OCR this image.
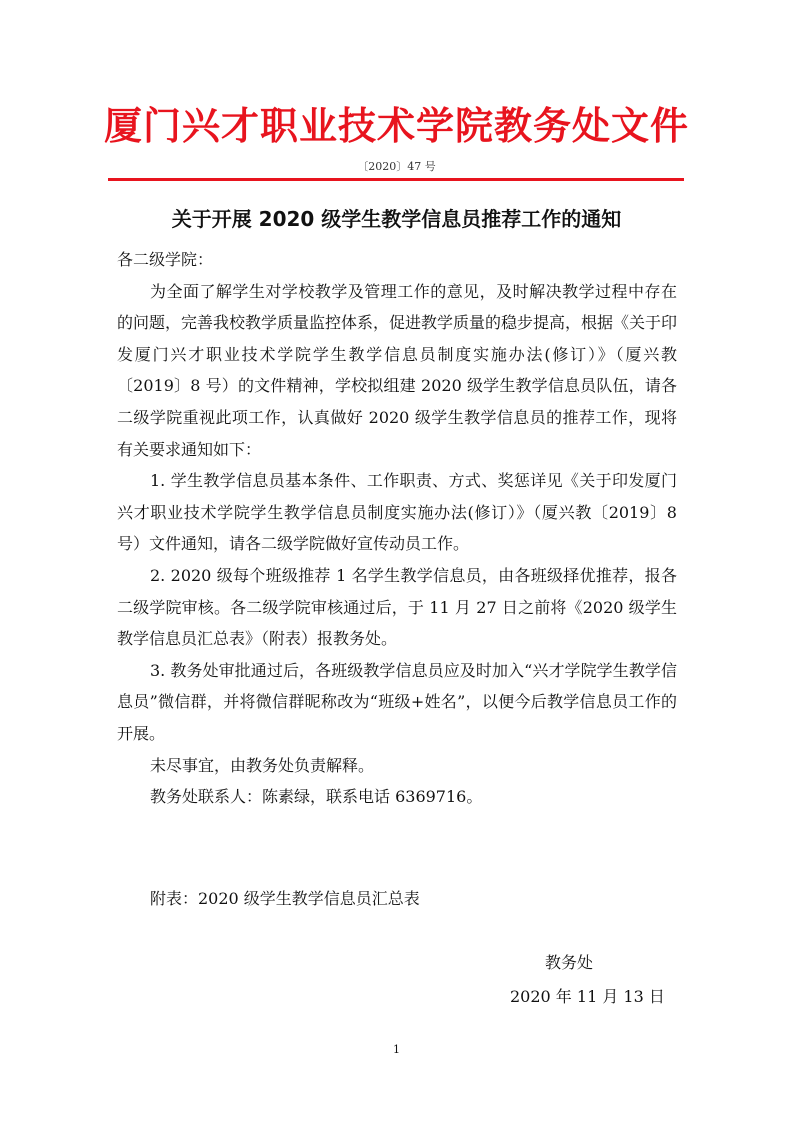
厦门兴才职业技术学院教务处文件
〔2020〕47 号
关于开展 2020 级学生教学信息员推荐工作的通知

各二级学院：

为全面了解学生对学校教学及管理工作的意见，及时解决教学过程中存在的问题，完善我校教学质量监控体系，促进教学质量的稳步提高，根据《关于印发厦门兴才职业技术学院学生教学信息员制度实施办法(修订）》（厦兴教〔2019〕8 号）的文件精神，学校拟组建 2020 级学生教学信息员队伍，请各二级学院重视此项工作，认真做好 2020 级学生教学信息员的推荐工作，现将有关要求通知如下：

1. 学生教学信息员基本条件、工作职责、方式、奖惩详见《关于印发厦门兴才职业技术学院学生教学信息员制度实施办法(修订）》（厦兴教〔2019〕8 号）文件通知，请各二级学院做好宣传动员工作。

2. 2020 级每个班级推荐 1 名学生教学信息员，由各班级择优推荐，报各二级学院审核。各二级学院审核通过后，于 11 月 27 日之前将《2020 级学生教学信息员汇总表》（附表）报教务处。

3. 教务处审批通过后，各班级教学信息员应及时加入“兴才学院学生教学信息员”微信群，并将微信群昵称改为“班级+姓名”，以便今后教学信息员工作的开展。

未尽事宜，由教务处负责解释。

教务处联系人：陈素绿，联系电话 6369716。

附表：2020 级学生教学信息员汇总表
教务处
2020 年 11 月 13 日
1
